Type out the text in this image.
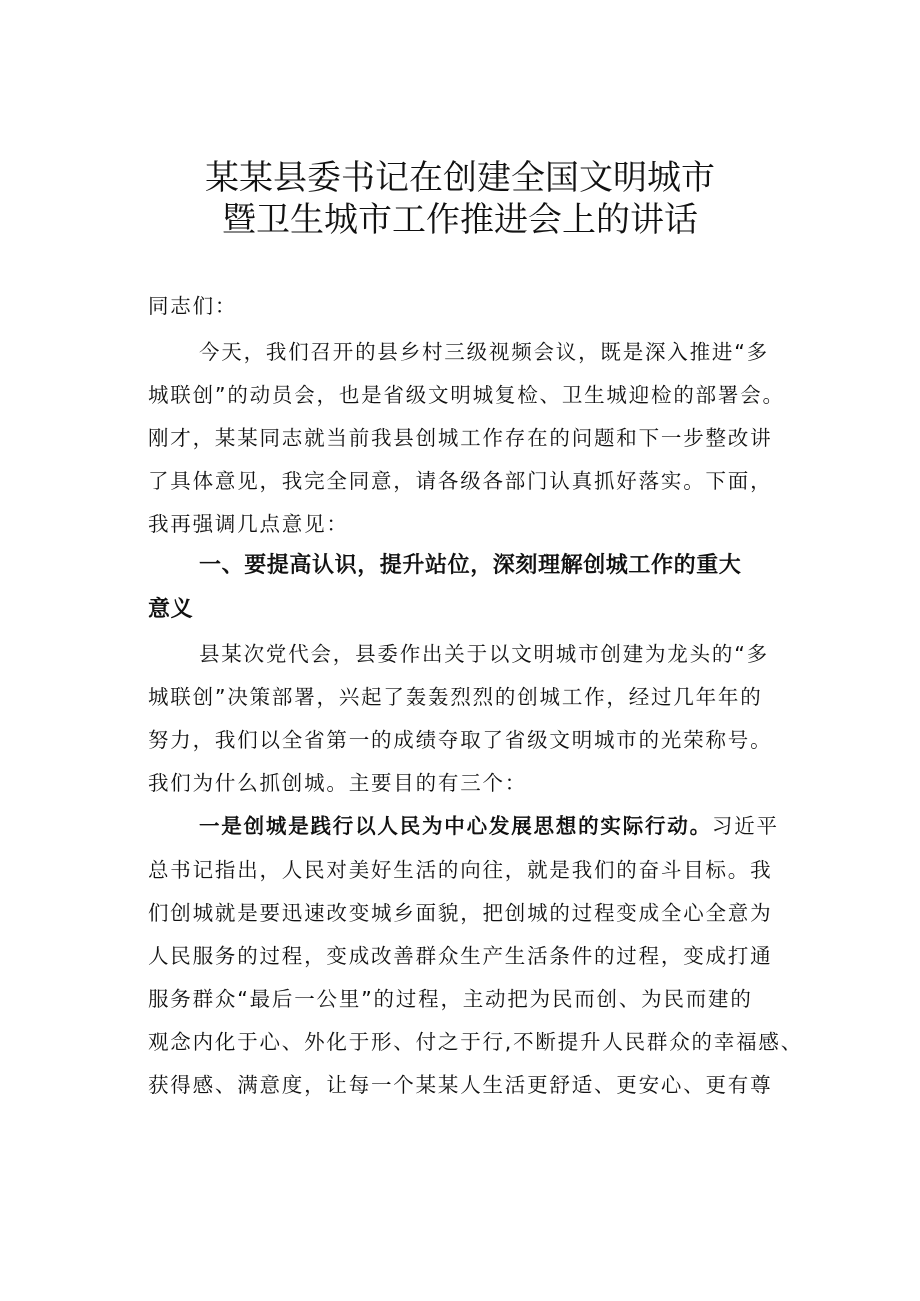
某某县委书记在创建全国文明城市
暨卫生城市工作推进会上的讲话

同志们：

今天，我们召开的县乡村三级视频会议，既是深入推进“多

城联创”的动员会，也是省级文明城复检、卫生城迎检的部署会。

刚才，某某同志就当前我县创城工作存在的问题和下一步整改讲

了具体意见，我完全同意，请各级各部门认真抓好落实。下面，

我再强调几点意见：

一、要提高认识，提升站位，深刻理解创城工作的重大

意义

县某次党代会，县委作出关于以文明城市创建为龙头的“多

城联创”决策部署，兴起了轰轰烈烈的创城工作，经过几年年的

努力，我们以全省第一的成绩夺取了省级文明城市的光荣称号。

我们为什么抓创城。主要目的有三个：

一是创城是践行以人民为中心发展思想的实际行动。习近平

总书记指出，人民对美好生活的向往，就是我们的奋斗目标。我

们创城就是要迅速改变城乡面貌，把创城的过程变成全心全意为

人民服务的过程，变成改善群众生产生活条件的过程，变成打通

服务群众“最后一公里”的过程，主动把为民而创、为民而建的

观念内化于心、外化于形、付之于行,不断提升人民群众的幸福感、

获得感、满意度，让每一个某某人生活更舒适、更安心、更有尊
